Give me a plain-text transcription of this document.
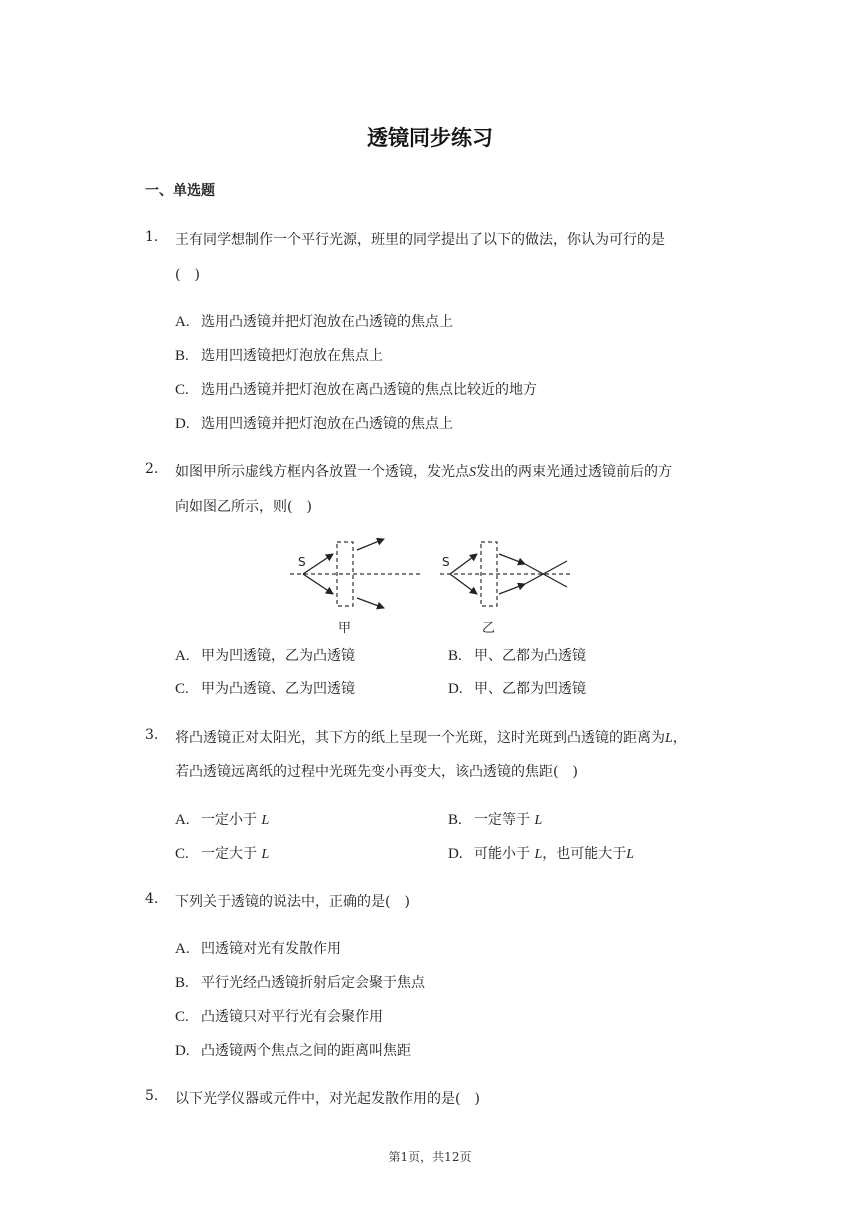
透镜同步练习
一、单选题
1. 王有同学想制作一个平行光源，班里的同学提出了以下的做法，你认为可行的是
(　)
A. 选用凸透镜并把灯泡放在凸透镜的焦点上
B. 选用凹透镜把灯泡放在焦点上
C. 选用凸透镜并把灯泡放在离凸透镜的焦点比较近的地方
D. 选用凹透镜并把灯泡放在凸透镜的焦点上
2. 如图甲所示虚线方框内各放置一个透镜，发光点S发出的两束光通过透镜前后的方
向如图乙所示，则(　)
S
甲
S
乙
A. 甲为凹透镜，乙为凸透镜	B. 甲、乙都为凸透镜
C. 甲为凸透镜、乙为凹透镜	D. 甲、乙都为凹透镜
3. 将凸透镜正对太阳光，其下方的纸上呈现一个光斑，这时光斑到凸透镜的距离为L，
若凸透镜远离纸的过程中光斑先变小再变大，该凸透镜的焦距(　)
A. 一定小于 L	B. 一定等于 L
C. 一定大于 L	D. 可能小于 L，也可能大于L
4. 下列关于透镜的说法中，正确的是(　)
A. 凹透镜对光有发散作用
B. 平行光经凸透镜折射后定会聚于焦点
C. 凸透镜只对平行光有会聚作用
D. 凸透镜两个焦点之间的距离叫焦距
5. 以下光学仪器或元件中，对光起发散作用的是(　)
第1页，共12页
